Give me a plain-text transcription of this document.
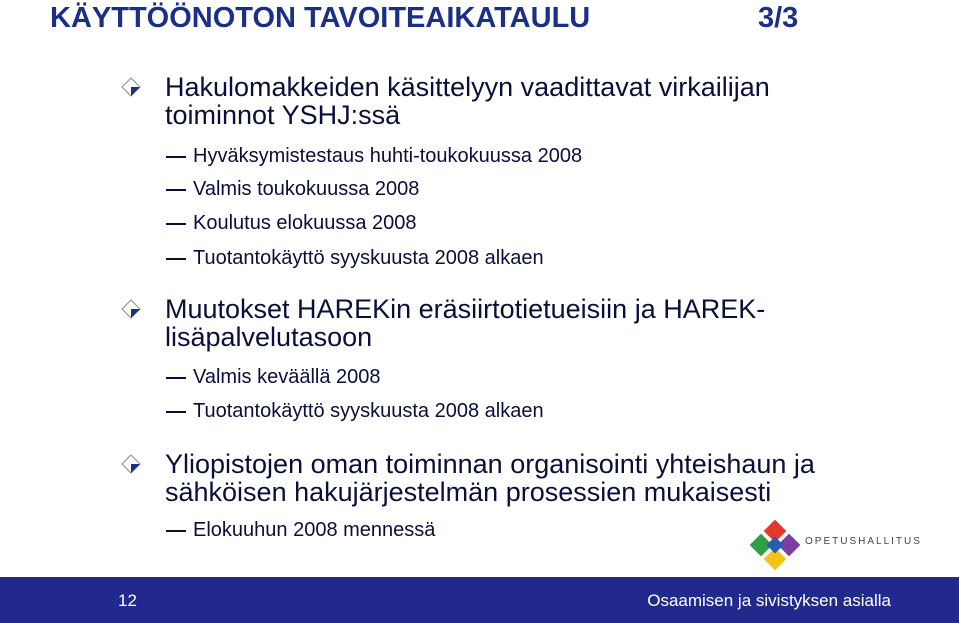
KÄYTTÖÖNOTON TAVOITEAIKATAULU	3/3
Hakulomakkeiden käsittelyyn vaadittavat virkailijan
toiminnot YSHJ:ssä
Hyväksymistestaus huhti-toukokuussa 2008
Valmis toukokuussa 2008
Koulutus elokuussa 2008
Tuotantokäyttö syyskuusta 2008 alkaen
Muutokset HAREKin eräsiirtotietueisiin ja HAREK-
lisäpalvelutasoon
Valmis keväällä 2008
Tuotantokäyttö syyskuusta 2008 alkaen
Yliopistojen oman toiminnan organisointi yhteishaun ja
sähköisen hakujärjestelmän prosessien mukaisesti
Elokuuhun 2008 mennessä
OPETUSHALLITUS
12	Osaamisen ja sivistyksen asialla
